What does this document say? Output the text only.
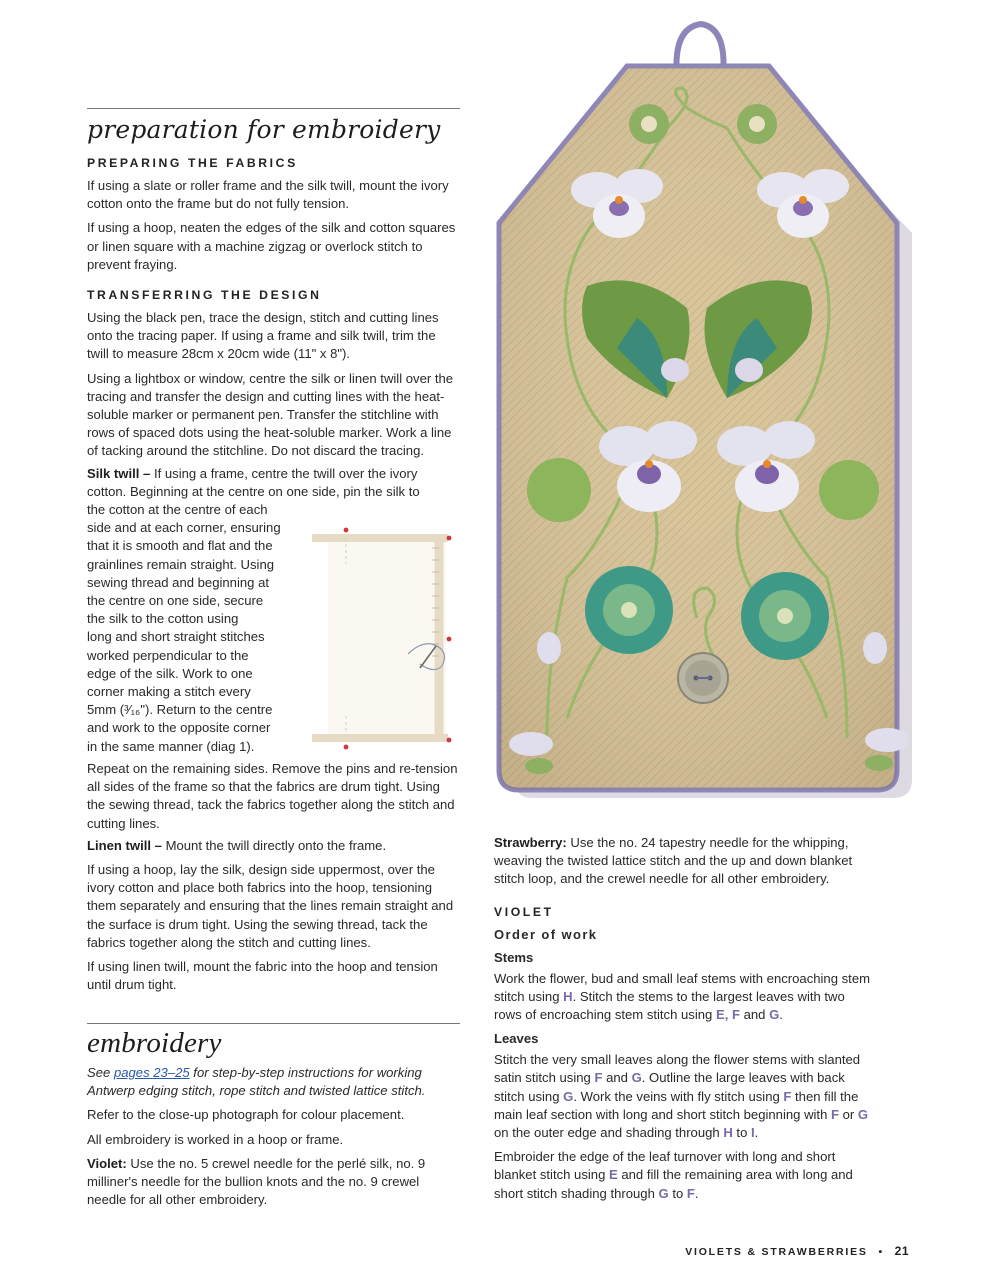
preparation for embroidery
PREPARING THE FABRICS

If using a slate or roller frame and the silk twill, mount the ivory cotton onto the frame but do not fully tension.

If using a hoop, neaten the edges of the silk and cotton squares or linen square with a machine zigzag or overlock stitch to prevent fraying.

TRANSFERRING THE DESIGN

Using the black pen, trace the design, stitch and cutting lines onto the tracing paper. If using a frame and silk twill, trim the twill to measure 28cm x 20cm wide (11" x 8").

Using a lightbox or window, centre the silk or linen twill over the tracing and transfer the design and cutting lines with the heat-soluble marker or permanent pen. Transfer the stitchline with rows of spaced dots using the heat-soluble marker. Work a line of tacking around the stitchline. Do not discard the tracing.

Silk twill – If using a frame, centre the twill over the ivory cotton. Beginning at the centre on one side, pin the silk to

the cotton at the centre of each

side and at each corner, ensuring

that it is smooth and flat and the

grainlines remain straight. Using

sewing thread and beginning at

the centre on one side, secure

the silk to the cotton using

long and short straight stitches

worked perpendicular to the

edge of the silk. Work to one

corner making a stitch every

5mm (³⁄₁₆"). Return to the centre

and work to the opposite corner

in the same manner (diag 1).

Repeat on the remaining sides. Remove the pins and re-tension all sides of the frame so that the fabrics are drum tight. Using the sewing thread, tack the fabrics together along the stitch and cutting lines.

Linen twill – Mount the twill directly onto the frame.

If using a hoop, lay the silk, design side uppermost, over the ivory cotton and place both fabrics into the hoop, tensioning them separately and ensuring that the lines remain straight and the surface is drum tight. Using the sewing thread, tack the fabrics together along the stitch and cutting lines.

If using linen twill, mount the fabric into the hoop and tension until drum tight.

embroidery

See pages 23–25 for step-by-step instructions for working Antwerp edging stitch, rope stitch and twisted lattice stitch.

Refer to the close-up photograph for colour placement.

All embroidery is worked in a hoop or frame.

Violet: Use the no. 5 crewel needle for the perlé silk, no. 9 milliner's needle for the bullion knots and the no. 9 crewel needle for all other embroidery.

Strawberry: Use the no. 24 tapestry needle for the whipping, weaving the twisted lattice stitch and the up and down blanket stitch loop, and the crewel needle for all other embroidery.

VIOLET
Order of work
Stems

Work the flower, bud and small leaf stems with encroaching stem stitch using H. Stitch the stems to the largest leaves with two rows of encroaching stem stitch using E, F and G.

Leaves

Stitch the very small leaves along the flower stems with slanted satin stitch using F and G. Outline the large leaves with back stitch using G. Work the veins with fly stitch using F then fill the main leaf section with long and short stitch beginning with F or G on the outer edge and shading through H to I.

Embroider the edge of the leaf turnover with long and short blanket stitch using E and fill the remaining area with long and short stitch shading through G to F.

VIOLETS & STRAWBERRIES • 21
